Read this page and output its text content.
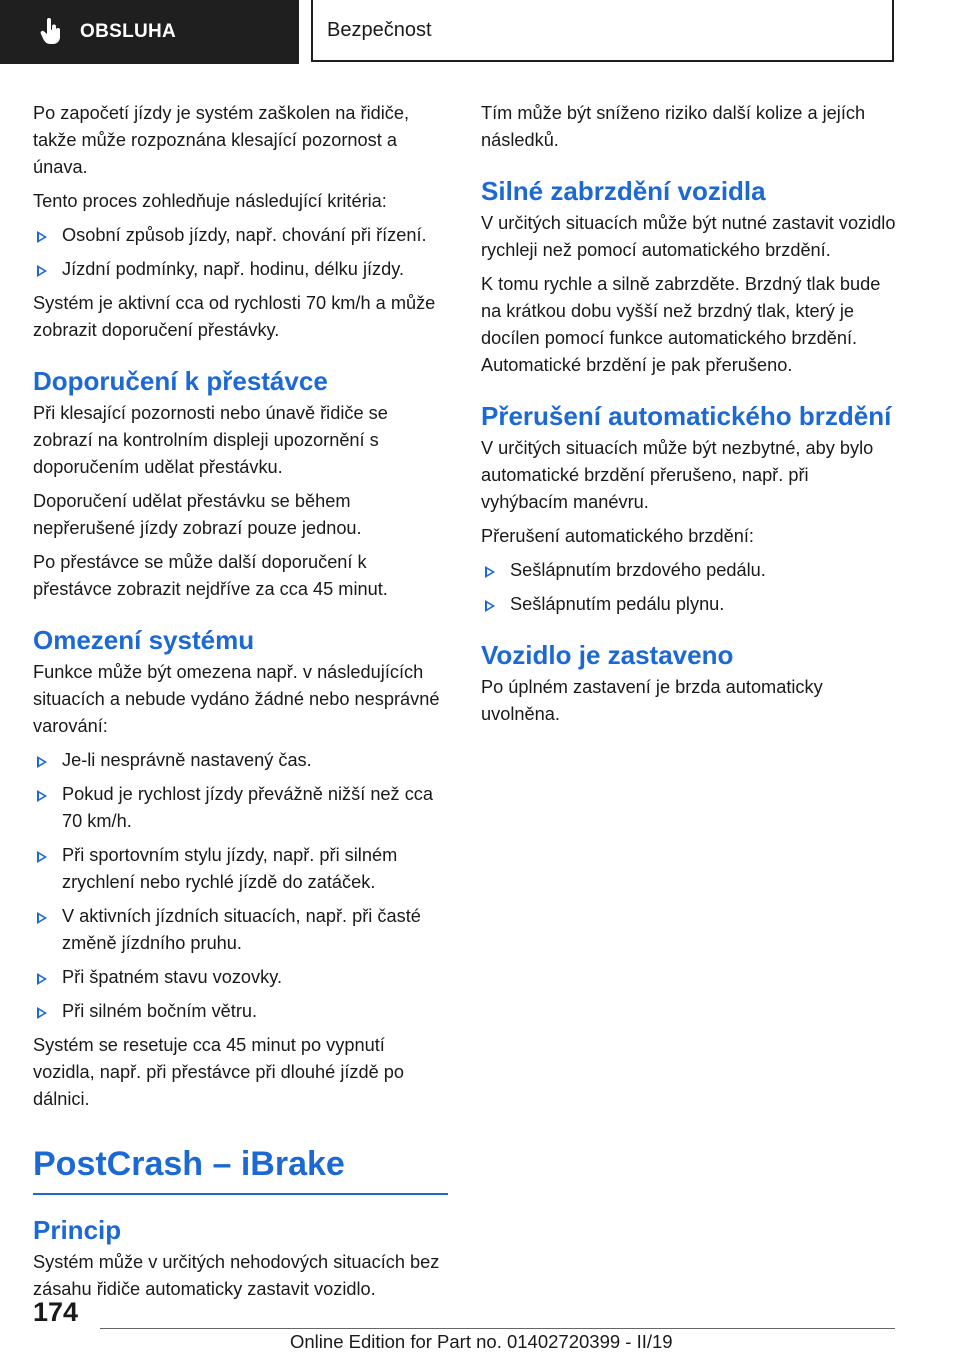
OBSLUHA	Bezpečnost

Po započetí jízdy je systém zaškolen na řidiče, takže může rozpoznána klesající pozornost a únava.

Tento proces zohledňuje následující kritéria:

Osobní způsob jízdy, např. chování při řízení.
Jízdní podmínky, např. hodinu, délku jízdy.

Systém je aktivní cca od rychlosti 70 km/h a může zobrazit doporučení přestávky.

Doporučení k přestávce

Při klesající pozornosti nebo únavě řidiče se zobrazí na kontrolním displeji upozornění s doporučením udělat přestávku.

Doporučení udělat přestávku se během nepřerušené jízdy zobrazí pouze jednou.

Po přestávce se může další doporučení k přestávce zobrazit nejdříve za cca 45 minut.

Omezení systému

Funkce může být omezena např. v následujících situacích a nebude vydáno žádné nebo nesprávné varování:

Je-li nesprávně nastavený čas.
Pokud je rychlost jízdy převážně nižší než cca 70 km/h.
Při sportovním stylu jízdy, např. při silném zrychlení nebo rychlé jízdě do zatáček.
V aktivních jízdních situacích, např. při časté změně jízdního pruhu.
Při špatném stavu vozovky.
Při silném bočním větru.

Systém se resetuje cca 45 minut po vypnutí vozidla, např. při přestávce při dlouhé jízdě po dálnici.

PostCrash – iBrake
Princip

Systém může v určitých nehodových situacích bez zásahu řidiče automaticky zastavit vozidlo.

Tím může být sníženo riziko další kolize a jejích následků.

Silné zabrzdění vozidla

V určitých situacích může být nutné zastavit vozidlo rychleji než pomocí automatického brzdění.

K tomu rychle a silně zabrzděte. Brzdný tlak bude na krátkou dobu vyšší než brzdný tlak, který je docílen pomocí funkce automatického brzdění. Automatické brzdění je pak přerušeno.

Přerušení automatického brzdění

V určitých situacích může být nezbytné, aby bylo automatické brzdění přerušeno, např. při vyhýbacím manévru.

Přerušení automatického brzdění:

Sešlápnutím brzdového pedálu.
Sešlápnutím pedálu plynu.
Vozidlo je zastaveno

Po úplném zastavení je brzda automaticky uvolněna.

174
Online Edition for Part no. 01402720399 - II/19
